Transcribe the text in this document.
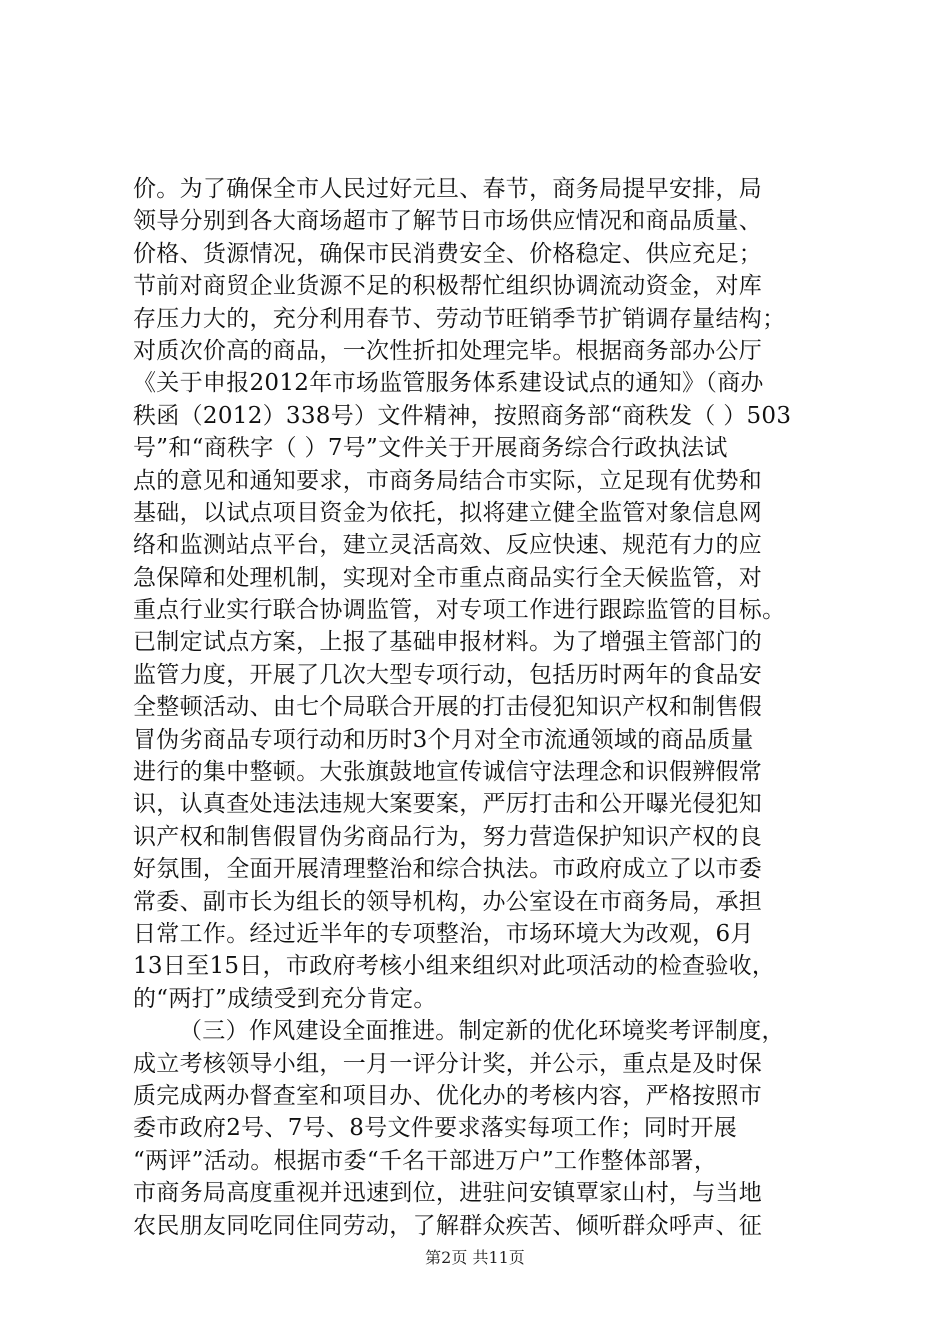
价。为了确保全市人民过好元旦、春节，商务局提早安排，局
领导分别到各大商场超市了解节日市场供应情况和商品质量、
价格、货源情况，确保市民消费安全、价格稳定、供应充足；
节前对商贸企业货源不足的积极帮忙组织协调流动资金，对库
存压力大的，充分利用春节、劳动节旺销季节扩销调存量结构；
对质次价高的商品，一次性折扣处理完毕。根据商务部办公厅
《关于申报2012年市场监管服务体系建设试点的通知》（商办
秩函（2012）338号）文件精神，按照商务部“商秩发（ ）503
号”和“商秩字（ ）7号”文件关于开展商务综合行政执法试
点的意见和通知要求，市商务局结合市实际，立足现有优势和
基础，以试点项目资金为依托，拟将建立健全监管对象信息网
络和监测站点平台，建立灵活高效、反应快速、规范有力的应
急保障和处理机制，实现对全市重点商品实行全天候监管，对
重点行业实行联合协调监管，对专项工作进行跟踪监管的目标。
已制定试点方案，上报了基础申报材料。为了增强主管部门的
监管力度，开展了几次大型专项行动，包括历时两年的食品安
全整顿活动、由七个局联合开展的打击侵犯知识产权和制售假
冒伪劣商品专项行动和历时3个月对全市流通领域的商品质量
进行的集中整顿。大张旗鼓地宣传诚信守法理念和识假辨假常
识，认真查处违法违规大案要案，严厉打击和公开曝光侵犯知
识产权和制售假冒伪劣商品行为，努力营造保护知识产权的良
好氛围，全面开展清理整治和综合执法。市政府成立了以市委
常委、副市长为组长的领导机构，办公室设在市商务局，承担
日常工作。经过近半年的专项整治，市场环境大为改观，6月
13日至15日，市政府考核小组来组织对此项活动的检查验收，
的“两打”成绩受到充分肯定。
（三）作风建设全面推进。制定新的优化环境奖考评制度，
成立考核领导小组，一月一评分计奖，并公示，重点是及时保
质完成两办督查室和项目办、优化办的考核内容，严格按照市
委市政府2号、7号、8号文件要求落实每项工作；同时开展
“两评”活动。根据市委“千名干部进万户”工作整体部署，
市商务局高度重视并迅速到位，进驻问安镇覃家山村，与当地
农民朋友同吃同住同劳动，了解群众疾苦、倾听群众呼声、征
第2页 共11页
